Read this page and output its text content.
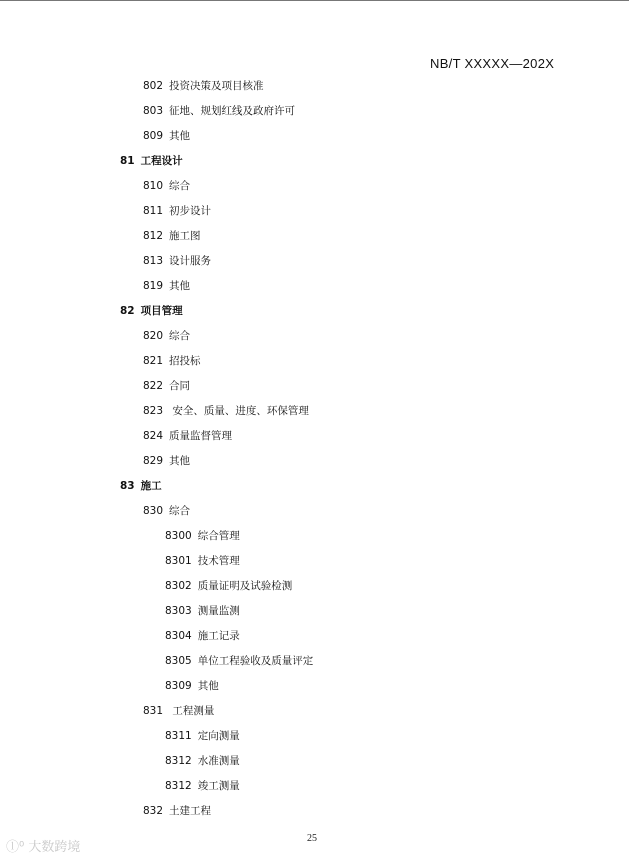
NB/T XXXXX—202X
802 投资决策及项目核准
803 征地、规划红线及政府许可
809 其他
81 工程设计
810 综合
811 初步设计
812 施工图
813 设计服务
819 其他
82 项目管理
820 综合
821 招投标
822 合同
823 安全、质量、进度、环保管理
824 质量监督管理
829 其他
83 施工
830 综合
8300 综合管理
8301 技术管理
8302 质量证明及试验检测
8303 测量监测
8304 施工记录
8305 单位工程验收及质量评定
8309 其他
831 工程测量
8311 定向测量
8312 水准测量
8312 竣工测量
832 土建工程
25
ⓛ⁰ 大数跨境
